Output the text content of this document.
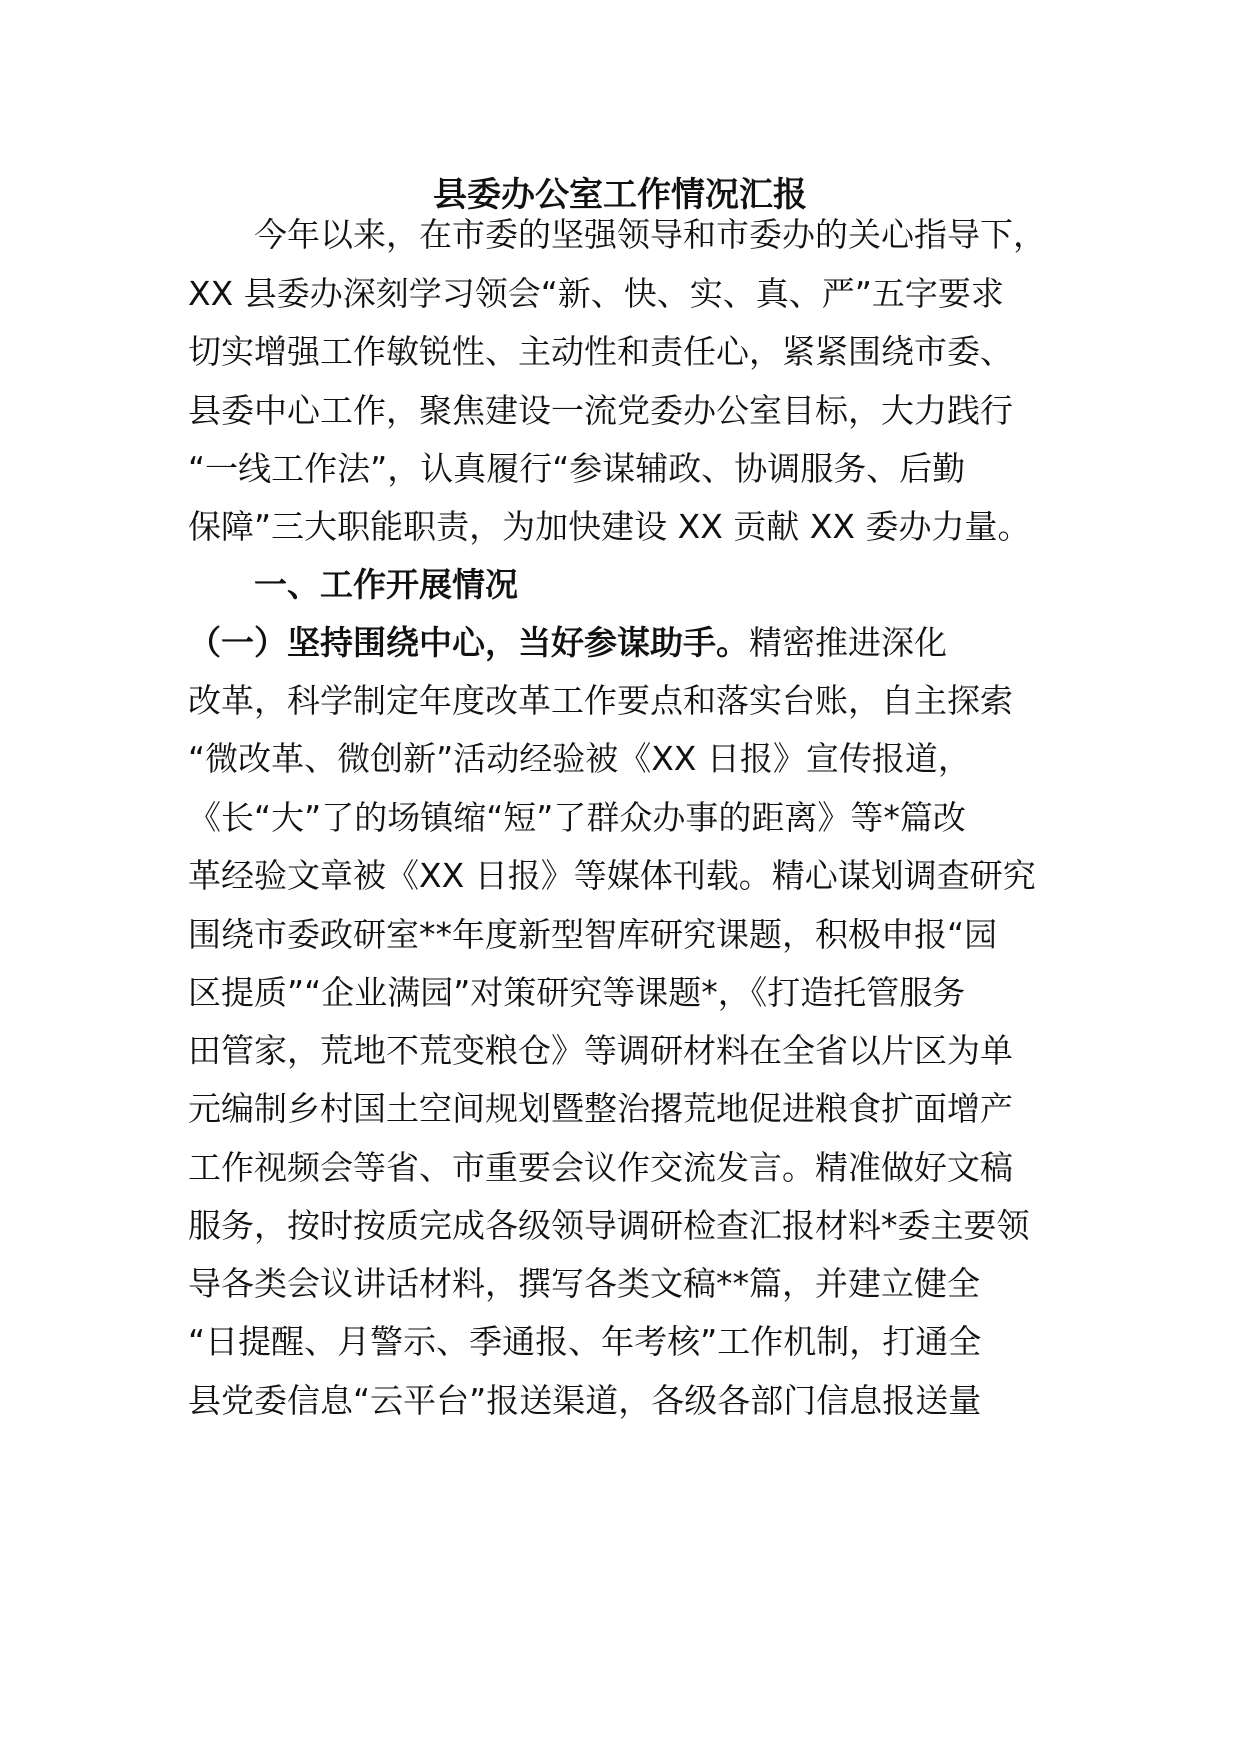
县委办公室工作情况汇报
　　今年以来，在市委的坚强领导和市委办的关心指导下，
XX 县委办深刻学习领会“新、快、实、真、严”五字要求
切实增强工作敏锐性、主动性和责任心，紧紧围绕市委、
县委中心工作，聚焦建设一流党委办公室目标，大力践行
“一线工作法”，认真履行“参谋辅政、协调服务、后勤
保障”三大职能职责，为加快建设 XX 贡献 XX 委办力量。
　　一、工作开展情况
（一）坚持围绕中心，当好参谋助手。精密推进深化
改革，科学制定年度改革工作要点和落实台账，自主探索
“微改革、微创新”活动经验被《XX 日报》宣传报道，
《长“大”了的场镇缩“短”了群众办事的距离》等*篇改
革经验文章被《XX 日报》等媒体刊载。精心谋划调查研究
围绕市委政研室**年度新型智库研究课题，积极申报“园
区提质”“企业满园”对策研究等课题*，《打造托管服务
田管家，荒地不荒变粮仓》等调研材料在全省以片区为单
元编制乡村国土空间规划暨整治撂荒地促进粮食扩面增产
工作视频会等省、市重要会议作交流发言。精准做好文稿
服务，按时按质完成各级领导调研检查汇报材料*委主要领
导各类会议讲话材料，撰写各类文稿**篇，并建立健全
“日提醒、月警示、季通报、年考核”工作机制，打通全
县党委信息“云平台”报送渠道，各级各部门信息报送量
